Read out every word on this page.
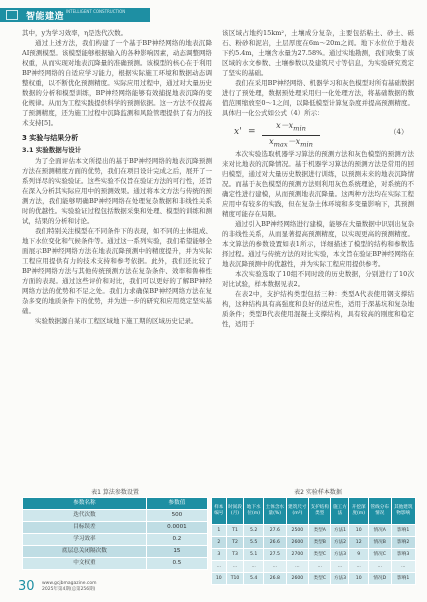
智能建造
INTELLIGENT CONSTRUCTION

其中，y为学习效率，η是迭代次数。

通过上述方法，我们构建了一个基于BP神经网络的地表沉降AI预测模型。该模型能够根据输入的各种影响因素，动态调整网络权重，从而实现对地表沉降量的准确预测。该模型的核心在于利用BP神经网络的自适应学习能力，根据实际施工环境和数据动态调整权重，以不断优化预测精度。实际应用过程中，通过对大量历史数据的分析和模型训练，BP神经网络能够有效捕捉地表沉降的变化规律。从而为工程实践提供科学的预测依据。这一方法不仅提高了预测精度，还为施工过程中沉降监测和风险管理提供了有力的技术支持[5]。

3 实验与结果分析
3.1 实验数据与设计

为了全面评估本文所提出的基于BP神经网络的地表沉降预测方法在预测精度方面的优势，我们在项目设计完成之后，展开了一系列详尽的实验验证。这些实验不仅旨在验证方法的可行性，还旨在深入分析其实际应用中的预测效果。通过将本文方法与传统的预测方法，我们能够明确BP神经网络在处理复杂数据和非线性关系时的优越性。实验验证过程包括数据采集和处理、模型的训练和测试，结果的分析和讨论。

我们特别关注模型在不同条件下的表现，如不同的土体组成、地下水位变化和气候条件等。通过这一系列实验，我们希望能够全面展示BP神经网络方法在地表沉降预测中的精度提升，并为实际工程应用提供有力的技术支持和参考依据。此外，我们还比较了BP神经网络方法与其他传统预测方法在复杂条件、效率和鲁棒性方面的表现。通过这些评价和对比，我们可以更好的了解BP神经网络方法的优势和不足之处。我们力求确保BP神经网络方法在复杂多变的地质条件下的优势，并为进一步的研究和应用奠定坚实基础。

实验数据源自某市工程区域地下施工期的区域历史记录。

该区域占地约15km²，土壤成分复杂，主要包括粘土、砂土、砾石、粉砂和泥岩，土层厚度在6m～20m之间。地下水位位于地表下约5.4m，土壤含水量为27.58%。通过实地勘测，我们收集了该区域的水文参数、土壤参数以及建筑尺寸等信息，为实验研究奠定了坚实的基础。

我们在采用BP神经网络、机器学习和灰色模型对所有基础数据进行了预处理，数据预处理采用归一化处理方法，将基础数据的数值范围缩放至0～1之间，以降低模型计算复杂度并提高预测精度。具体归一化公式如公式（4）所示：

x' =
$x-x_{min}$
$x_{max}-x_{min}$
（4）

本次实验选取机器学习算法的预测方法和灰色模型的预测方法来对比地表的沉降情况。基于机器学习算法的预测方法是常用的回归模型，通过对大量历史数据进行训练，以预测未来的地表沉降情况。而基于灰色模型的预测方法则利用灰色系统理论，对系统的不确定性进行建模，从而预测地表沉降量。这两种方法均在实际工程应用中有较多的实践，但在复杂土体环境和多变量影响下，其预测精度可能存在局限。

通过引入BP神经网络进行建模，能够在大量数据中识别出复杂的非线性关系，从而显著提高预测精度，以实现更高的预测精度。本文算法的参数设置如表1所示，详细描述了模型的结构和参数选择过程。通过与传统方法的对比实验，本文旨在验证BP神经网络在地表沉降预测中的优越性，并为实际工程应用提供参考。

本次实验选取了10组不同时段的历史数据，分别进行了10次对比试验，样本数据见表2。

在表2中，支护结构类型包括三种：类型A代表使用钢支撑结构，这种结构具有高强度和良好的适应性，适用于深基坑和复杂地质条件；类型B代表使用混凝土支撑结构，具有较高的刚度和稳定性，适用于

表1 算法参数设置
参数名称	参数值
迭代次数	500
目标误差	0.0001
学习效率	0.2
底层总关闭隔次数	15
中文权重	0.5
表2 实验样本数据
样本编号	时间段(月)	地下水位(m)	土体含水量(%)	建筑尺寸(m²)	支护结构类型	施工方法	开挖深度(m)	管线分布情况	其他建筑物影响
1	T1	5.2	27.6	2500	类型A	方法1	10	情况A	影响1
2	T2	5.5	26.6	2600	类型B	方法2	12	情况B	影响2
3	T3	5.1	27.5	2700	类型C	方法3	9	情况C	影响3
...	...	...	...	...	...	...	...	...	...
10	T10	5.4	26.8	2600	类型C	方法3	10	情况D	影响1
30 www.gcjbmagazine.com
2025年第4期(总第256期)
